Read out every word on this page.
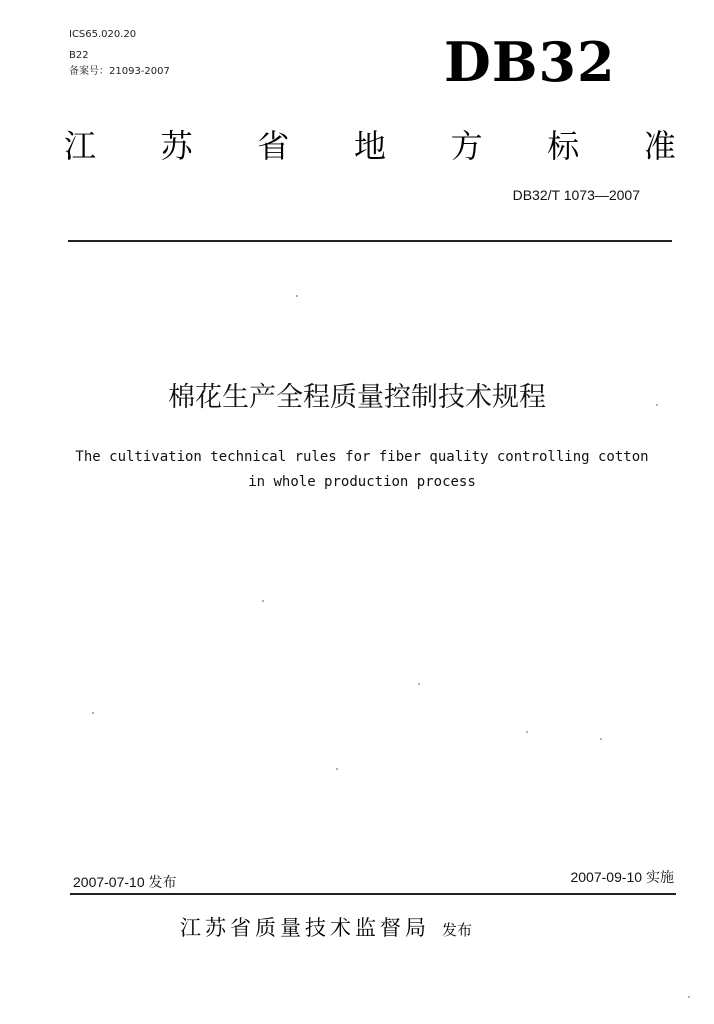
ICS65.020.20
B22
备案号：21093-2007	DB32
江 苏 省 地 方 标 准
DB32/T 1073—2007
棉花生产全程质量控制技术规程
The cultivation technical rules for fiber quality controlling cotton
in whole production process
2007-07-10 发布	2007-09-10 实施
江苏省质量技术监督局 发布
